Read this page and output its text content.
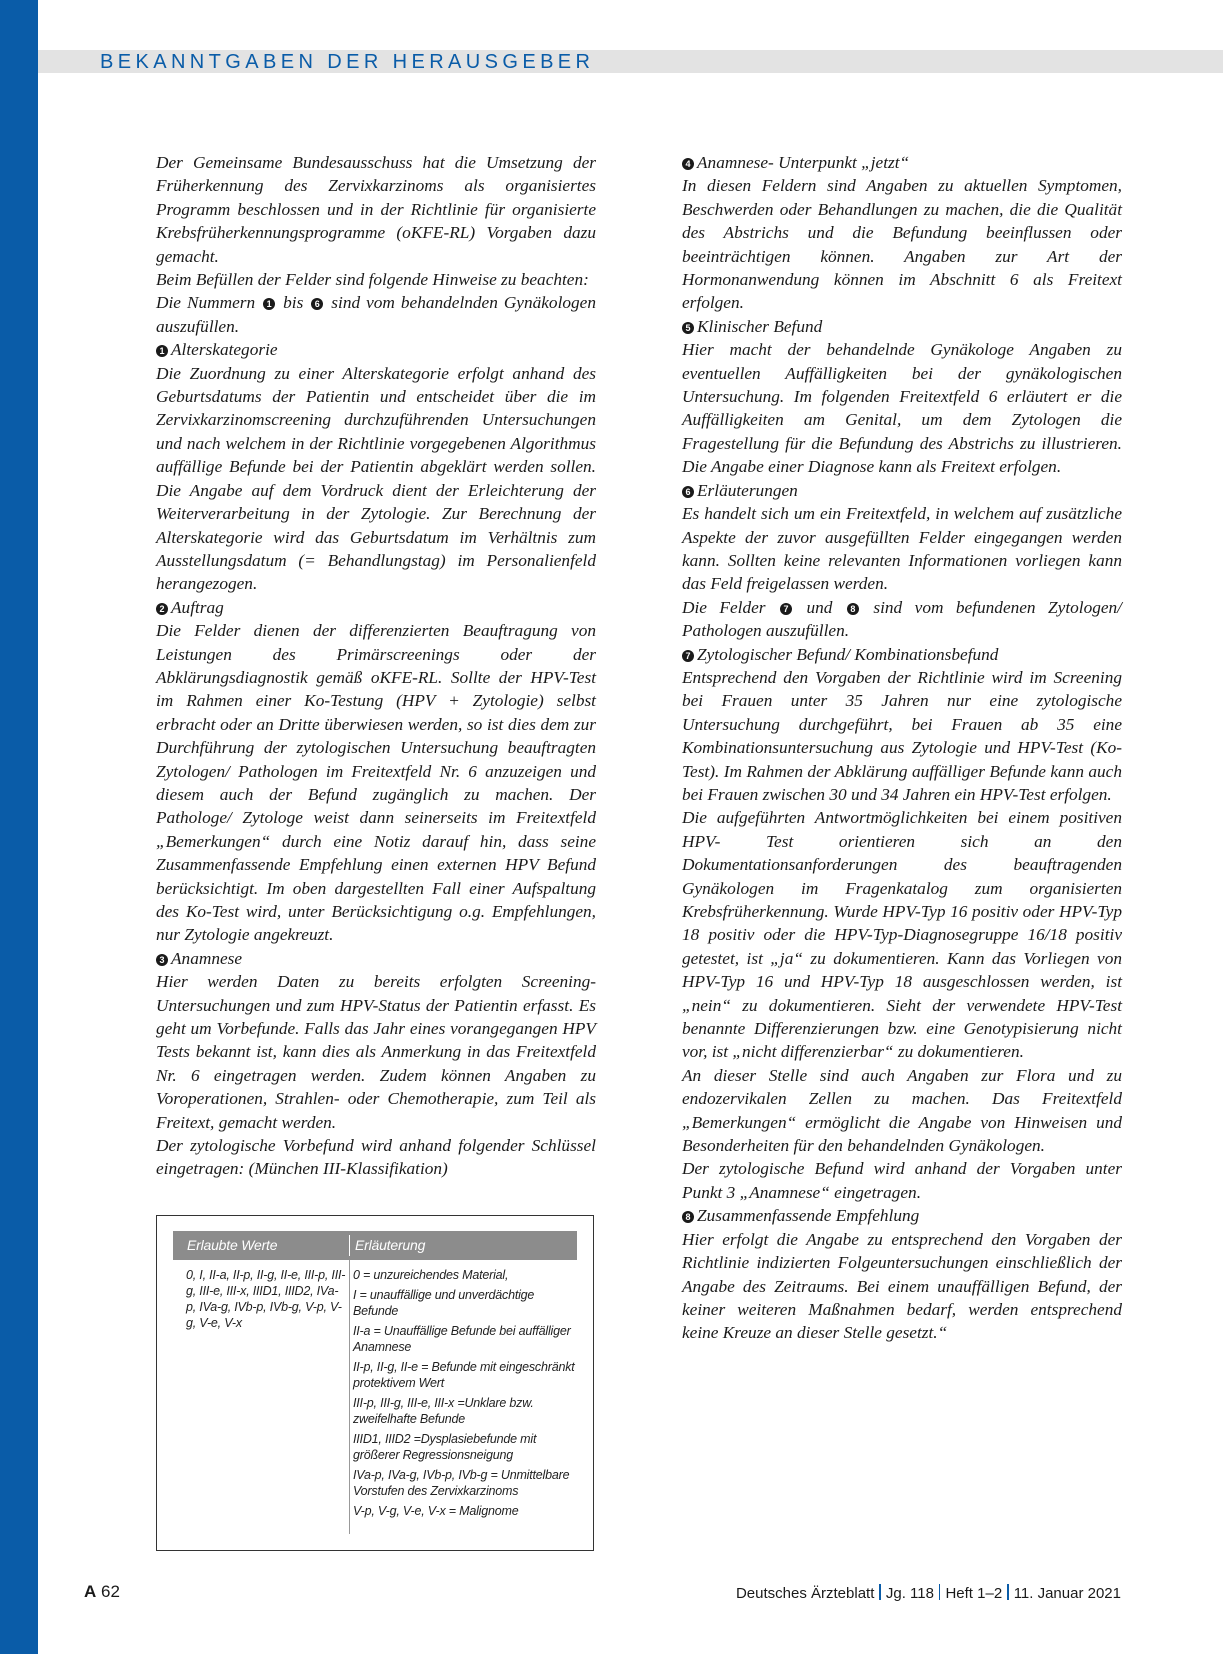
BEKANNTGABEN DER HERAUSGEBER

Der Gemeinsame Bundesausschuss hat die Umsetzung der Früherkennung des Zervixkarzinoms als organisiertes Programm beschlossen und in der Richtlinie für organisierte Krebsfrüherkennungsprogramme (oKFE-RL) Vorgaben dazu gemacht.

Beim Befüllen der Felder sind folgende Hinweise zu beachten:

Die Nummern 1 bis 6 sind vom behandelnden Gynäkologen auszufüllen.

1 Alterskategorie

Die Zuordnung zu einer Alterskategorie erfolgt anhand des Geburtsdatums der Patientin und entscheidet über die im Zervixkarzinomscreening durchzuführenden Untersuchungen und nach welchem in der Richtlinie vorgegebenen Algorithmus auffällige Befunde bei der Patientin abgeklärt werden sollen. Die Angabe auf dem Vordruck dient der Erleichterung der Weiterverarbeitung in der Zytologie. Zur Berechnung der Alterskategorie wird das Geburtsdatum im Verhältnis zum Ausstellungsdatum (= Behandlungstag) im Personalienfeld herangezogen.

2 Auftrag

Die Felder dienen der differenzierten Beauftragung von Leistungen des Primärscreenings oder der Abklärungsdiagnostik gemäß oKFE-RL. Sollte der HPV-Test im Rahmen einer Ko-Testung (HPV + Zytologie) selbst erbracht oder an Dritte überwiesen werden, so ist dies dem zur Durchführung der zytologischen Untersuchung beauftragten Zytologen/ Pathologen im Freitextfeld Nr. 6 anzuzeigen und diesem auch der Befund zugänglich zu machen. Der Pathologe/ Zytologe weist dann seinerseits im Freitextfeld „Bemerkungen“ durch eine Notiz darauf hin, dass seine Zusammenfassende Empfehlung einen externen HPV Befund berücksichtigt. Im oben dargestellten Fall einer Aufspaltung des Ko-Test wird, unter Berücksichtigung o.g. Empfehlungen, nur Zytologie angekreuzt.

3 Anamnese

Hier werden Daten zu bereits erfolgten Screening-Untersuchungen und zum HPV-Status der Patientin erfasst. Es geht um Vorbefunde. Falls das Jahr eines vorangegangen HPV Tests bekannt ist, kann dies als Anmerkung in das Freitextfeld Nr. 6 eingetragen werden. Zudem können Angaben zu Voroperationen, Strahlen- oder Chemotherapie, zum Teil als Freitext, gemacht werden.

Der zytologische Vorbefund wird anhand folgender Schlüssel eingetragen: (München III-Klassifikation)

Erlaubte Werte	Erläuterung

0, I, II-a, II-p, II-g, II-e, III-p, III-g, III-e, III-x, IIID1, IIID2, IVa-p, IVa-g, IVb-p, IVb-g, V-p, V-g, V-e, V-x

0 = unzureichendes Material,
I = unauffällige und unverdächtige Befunde
II-a = Unauffällige Befunde bei auffälliger Anamnese
II-p, II-g, II-e = Befunde mit eingeschränkt protektivem Wert
III-p, III-g, III-e, III-x =Unklare bzw. zweifelhafte Befunde
IIID1, IIID2 =Dysplasiebefunde mit größerer Regressionsneigung
IVa-p, IVa-g, IVb-p, IVb-g = Unmittelbare Vorstufen des Zervixkarzinoms
V-p, V-g, V-e, V-x = Malignome
4 Anamnese- Unterpunkt „jetzt“

In diesen Feldern sind Angaben zu aktuellen Symptomen, Beschwerden oder Behandlungen zu machen, die die Qualität des Abstrichs und die Befundung beeinflussen oder beeinträchtigen können. Angaben zur Art der Hormonanwendung können im Abschnitt 6 als Freitext erfolgen.

5 Klinischer Befund

Hier macht der behandelnde Gynäkologe Angaben zu eventuellen Auffälligkeiten bei der gynäkologischen Untersuchung. Im folgenden Freitextfeld 6 erläutert er die Auffälligkeiten am Genital, um dem Zytologen die Fragestellung für die Befundung des Abstrichs zu illustrieren. Die Angabe einer Diagnose kann als Freitext erfolgen.

6 Erläuterungen

Es handelt sich um ein Freitextfeld, in welchem auf zusätzliche Aspekte der zuvor ausgefüllten Felder eingegangen werden kann. Sollten keine relevanten Informationen vorliegen kann das Feld freigelassen werden.

Die Felder 7 und 8 sind vom befundenen Zytologen/ Pathologen auszufüllen.

7 Zytologischer Befund/ Kombinationsbefund

Entsprechend den Vorgaben der Richtlinie wird im Screening bei Frauen unter 35 Jahren nur eine zytologische Untersuchung durchgeführt, bei Frauen ab 35 eine Kombinationsuntersuchung aus Zytologie und HPV-Test (Ko-Test). Im Rahmen der Abklärung auffälliger Befunde kann auch bei Frauen zwischen 30 und 34 Jahren ein HPV-Test erfolgen.

Die aufgeführten Antwortmöglichkeiten bei einem positiven HPV- Test orientieren sich an den Dokumentationsanforderungen des beauftragenden Gynäkologen im Fragenkatalog zum organisierten Krebsfrüherkennung. Wurde HPV-Typ 16 positiv oder HPV-Typ 18 positiv oder die HPV-Typ-Diagnosegruppe 16/18 positiv getestet, ist „ja“ zu dokumentieren. Kann das Vorliegen von HPV-Typ 16 und HPV-Typ 18 ausgeschlossen werden, ist „nein“ zu dokumentieren. Sieht der verwendete HPV-Test benannte Differenzierungen bzw. eine Genotypisierung nicht vor, ist „nicht differenzierbar“ zu dokumentieren.

An dieser Stelle sind auch Angaben zur Flora und zu endozervikalen Zellen zu machen. Das Freitextfeld „Bemerkungen“ ermöglicht die Angabe von Hinweisen und Besonderheiten für den behandelnden Gynäkologen.

Der zytologische Befund wird anhand der Vorgaben unter Punkt 3 „Anamnese“ eingetragen.

8 Zusammenfassende Empfehlung

Hier erfolgt die Angabe zu entsprechend den Vorgaben der Richtlinie indizierten Folgeuntersuchungen einschließlich der Angabe des Zeitraums. Bei einem unauffälligen Befund, der keiner weiteren Maßnahmen bedarf, werden entsprechend keine Kreuze an dieser Stelle gesetzt.“

A 62	Deutsches Ärzteblatt Jg. 118 Heft 1–2 11. Januar 2021
